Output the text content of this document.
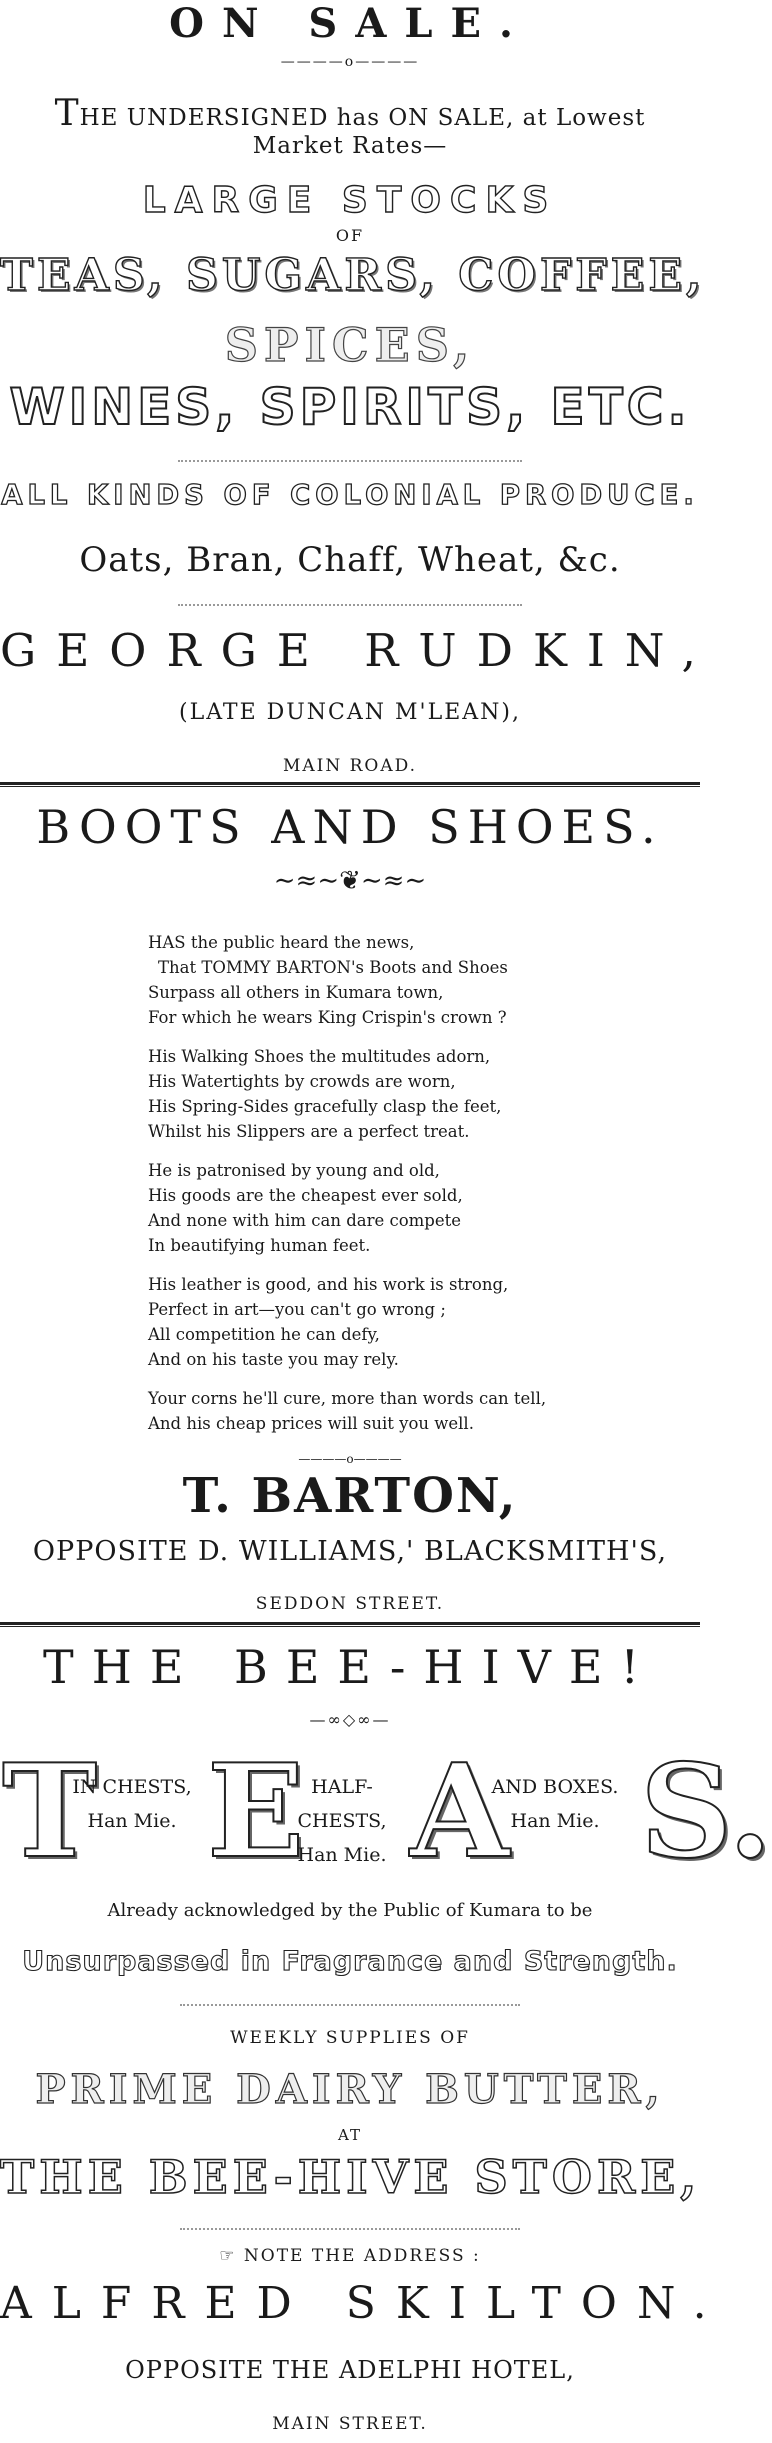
ON SALE.
————o————
THE UNDERSIGNED has ON SALE, at Lowest Market Rates—
LARGE STOCKS
OF
TEAS, SUGARS, COFFEE,
SPICES,
WINES, SPIRITS, ETC.
ALL KINDS OF COLONIAL PRODUCE.
Oats, Bran, Chaff, Wheat, &c.
GEORGE RUDKIN,
(LATE DUNCAN M'LEAN),
MAIN ROAD.
BOOTS AND SHOES.
∼≈∼❦∼≈∼
HAS the public heard the news,
That TOMMY BARTON's Boots and Shoes
Surpass all others in Kumara town,
For which he wears King Crispin's crown ?
His Walking Shoes the multitudes adorn,
His Watertights by crowds are worn,
His Spring-Sides gracefully clasp the feet,
Whilst his Slippers are a perfect treat.
He is patronised by young and old,
His goods are the cheapest ever sold,
And none with him can dare compete
In beautifying human feet.
His leather is good, and his work is strong,
Perfect in art—you can't go wrong ;
All competition he can defy,
And on his taste you may rely.
Your corns he'll cure, more than words can tell,
And his cheap prices will suit you well.
————o————
T. BARTON,
OPPOSITE D. WILLIAMS,' BLACKSMITH'S,
SEDDON STREET.
THE BEE-HIVE!
—∞◇∞—
T E A S.
IN CHESTS,
Han Mie.
HALF-CHESTS,
Han Mie.
AND BOXES.
Han Mie.
Already acknowledged by the Public of Kumara to be
Unsurpassed in Fragrance and Strength.
WEEKLY SUPPLIES OF
PRIME DAIRY BUTTER,
AT
THE BEE-HIVE STORE,
☞ NOTE THE ADDRESS :
ALFRED SKILTON.
OPPOSITE THE ADELPHI HOTEL,
MAIN STREET.
